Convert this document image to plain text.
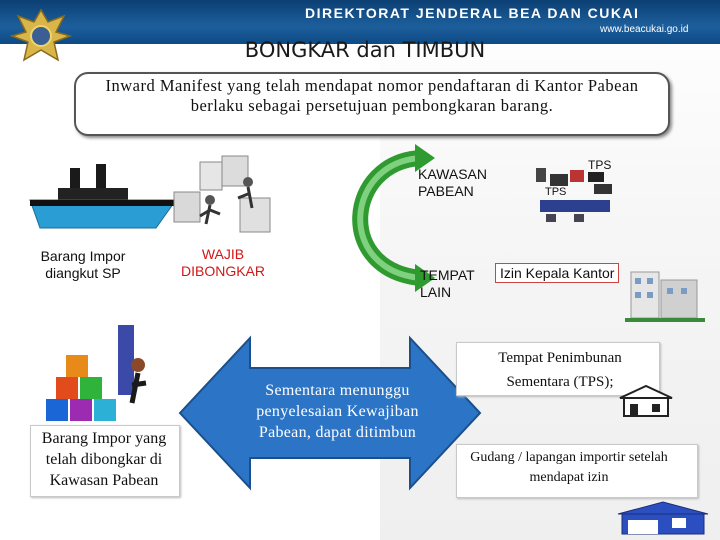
DIREKTORAT JENDERAL BEA DAN CUKAI
www.beacukai.go.id
BONGKAR dan TIMBUN
Inward Manifest yang telah mendapat nomor pendaftaran di Kantor Pabean berlaku sebagai persetujuan pembongkaran barang.
Barang Impor diangkut SP
WAJIB DIBONGKAR
KAWASAN PABEAN
TPS
TPS
TEMPAT LAIN
Izin Kepala Kantor
Barang Impor yang telah dibongkar di Kawasan Pabean
Sementara menunggu penyelesaian Kewajiban Pabean, dapat ditimbun
Tempat Penimbunan Sementara (TPS);
Gudang / lapangan importir setelah mendapat izin
